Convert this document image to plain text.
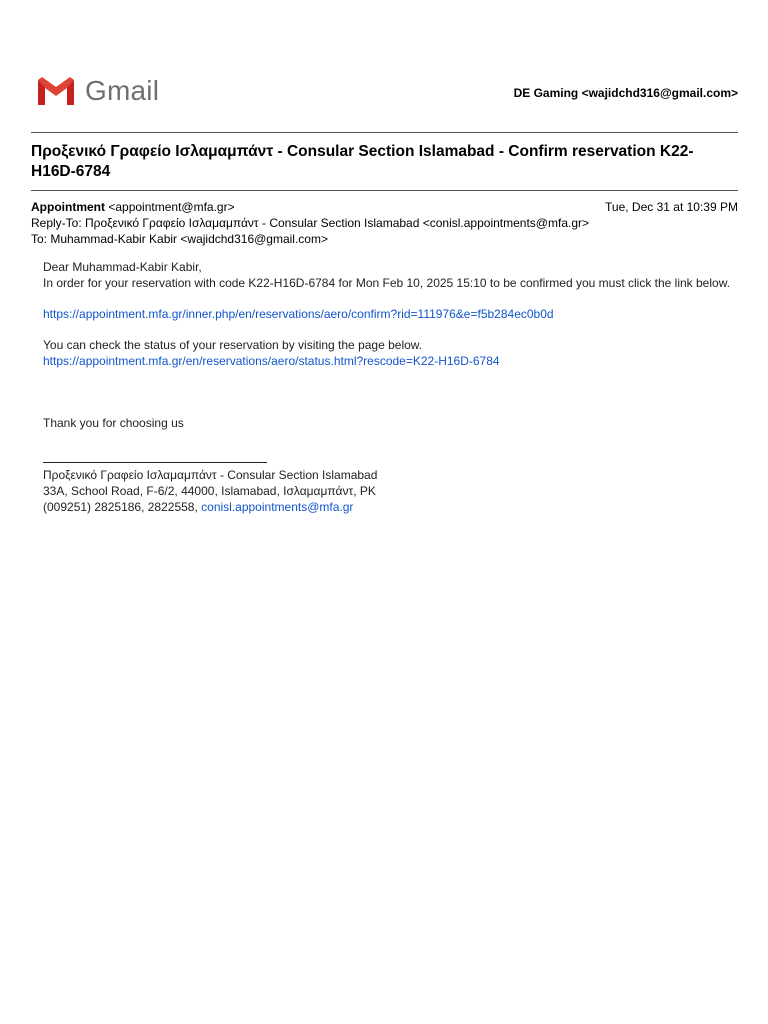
Gmail	DE Gaming <wajidchd316@gmail.com>
Προξενικό Γραφείο Ισλαμαμπάντ - Consular Section Islamabad - Confirm reservation K22-H16D-6784
Appointment <appointment@mfa.gr>	Tue, Dec 31 at 10:39 PM
Reply-To: Προξενικό Γραφείο Ισλαμαμπάντ - Consular Section Islamabad <conisl.appointments@mfa.gr>
To: Muhammad-Kabir Kabir <wajidchd316@gmail.com>

Dear Muhammad-Kabir Kabir,

In order for your reservation with code K22-H16D-6784 for Mon Feb 10, 2025 15:10 to be confirmed you must click the link below.

https://appointment.mfa.gr/inner.php/en/reservations/aero/confirm?rid=111976&e=f5b284ec0b0d

You can check the status of your reservation by visiting the page below.

https://appointment.mfa.gr/en/reservations/aero/status.html?rescode=K22-H16D-6784

Thank you for choosing us

Προξενικό Γραφείο Ισλαμαμπάντ - Consular Section Islamabad

33A, School Road, F-6/2, 44000, Islamabad, Ισλαμαμπάντ, PK

(009251) 2825186, 2822558, conisl.appointments@mfa.gr
